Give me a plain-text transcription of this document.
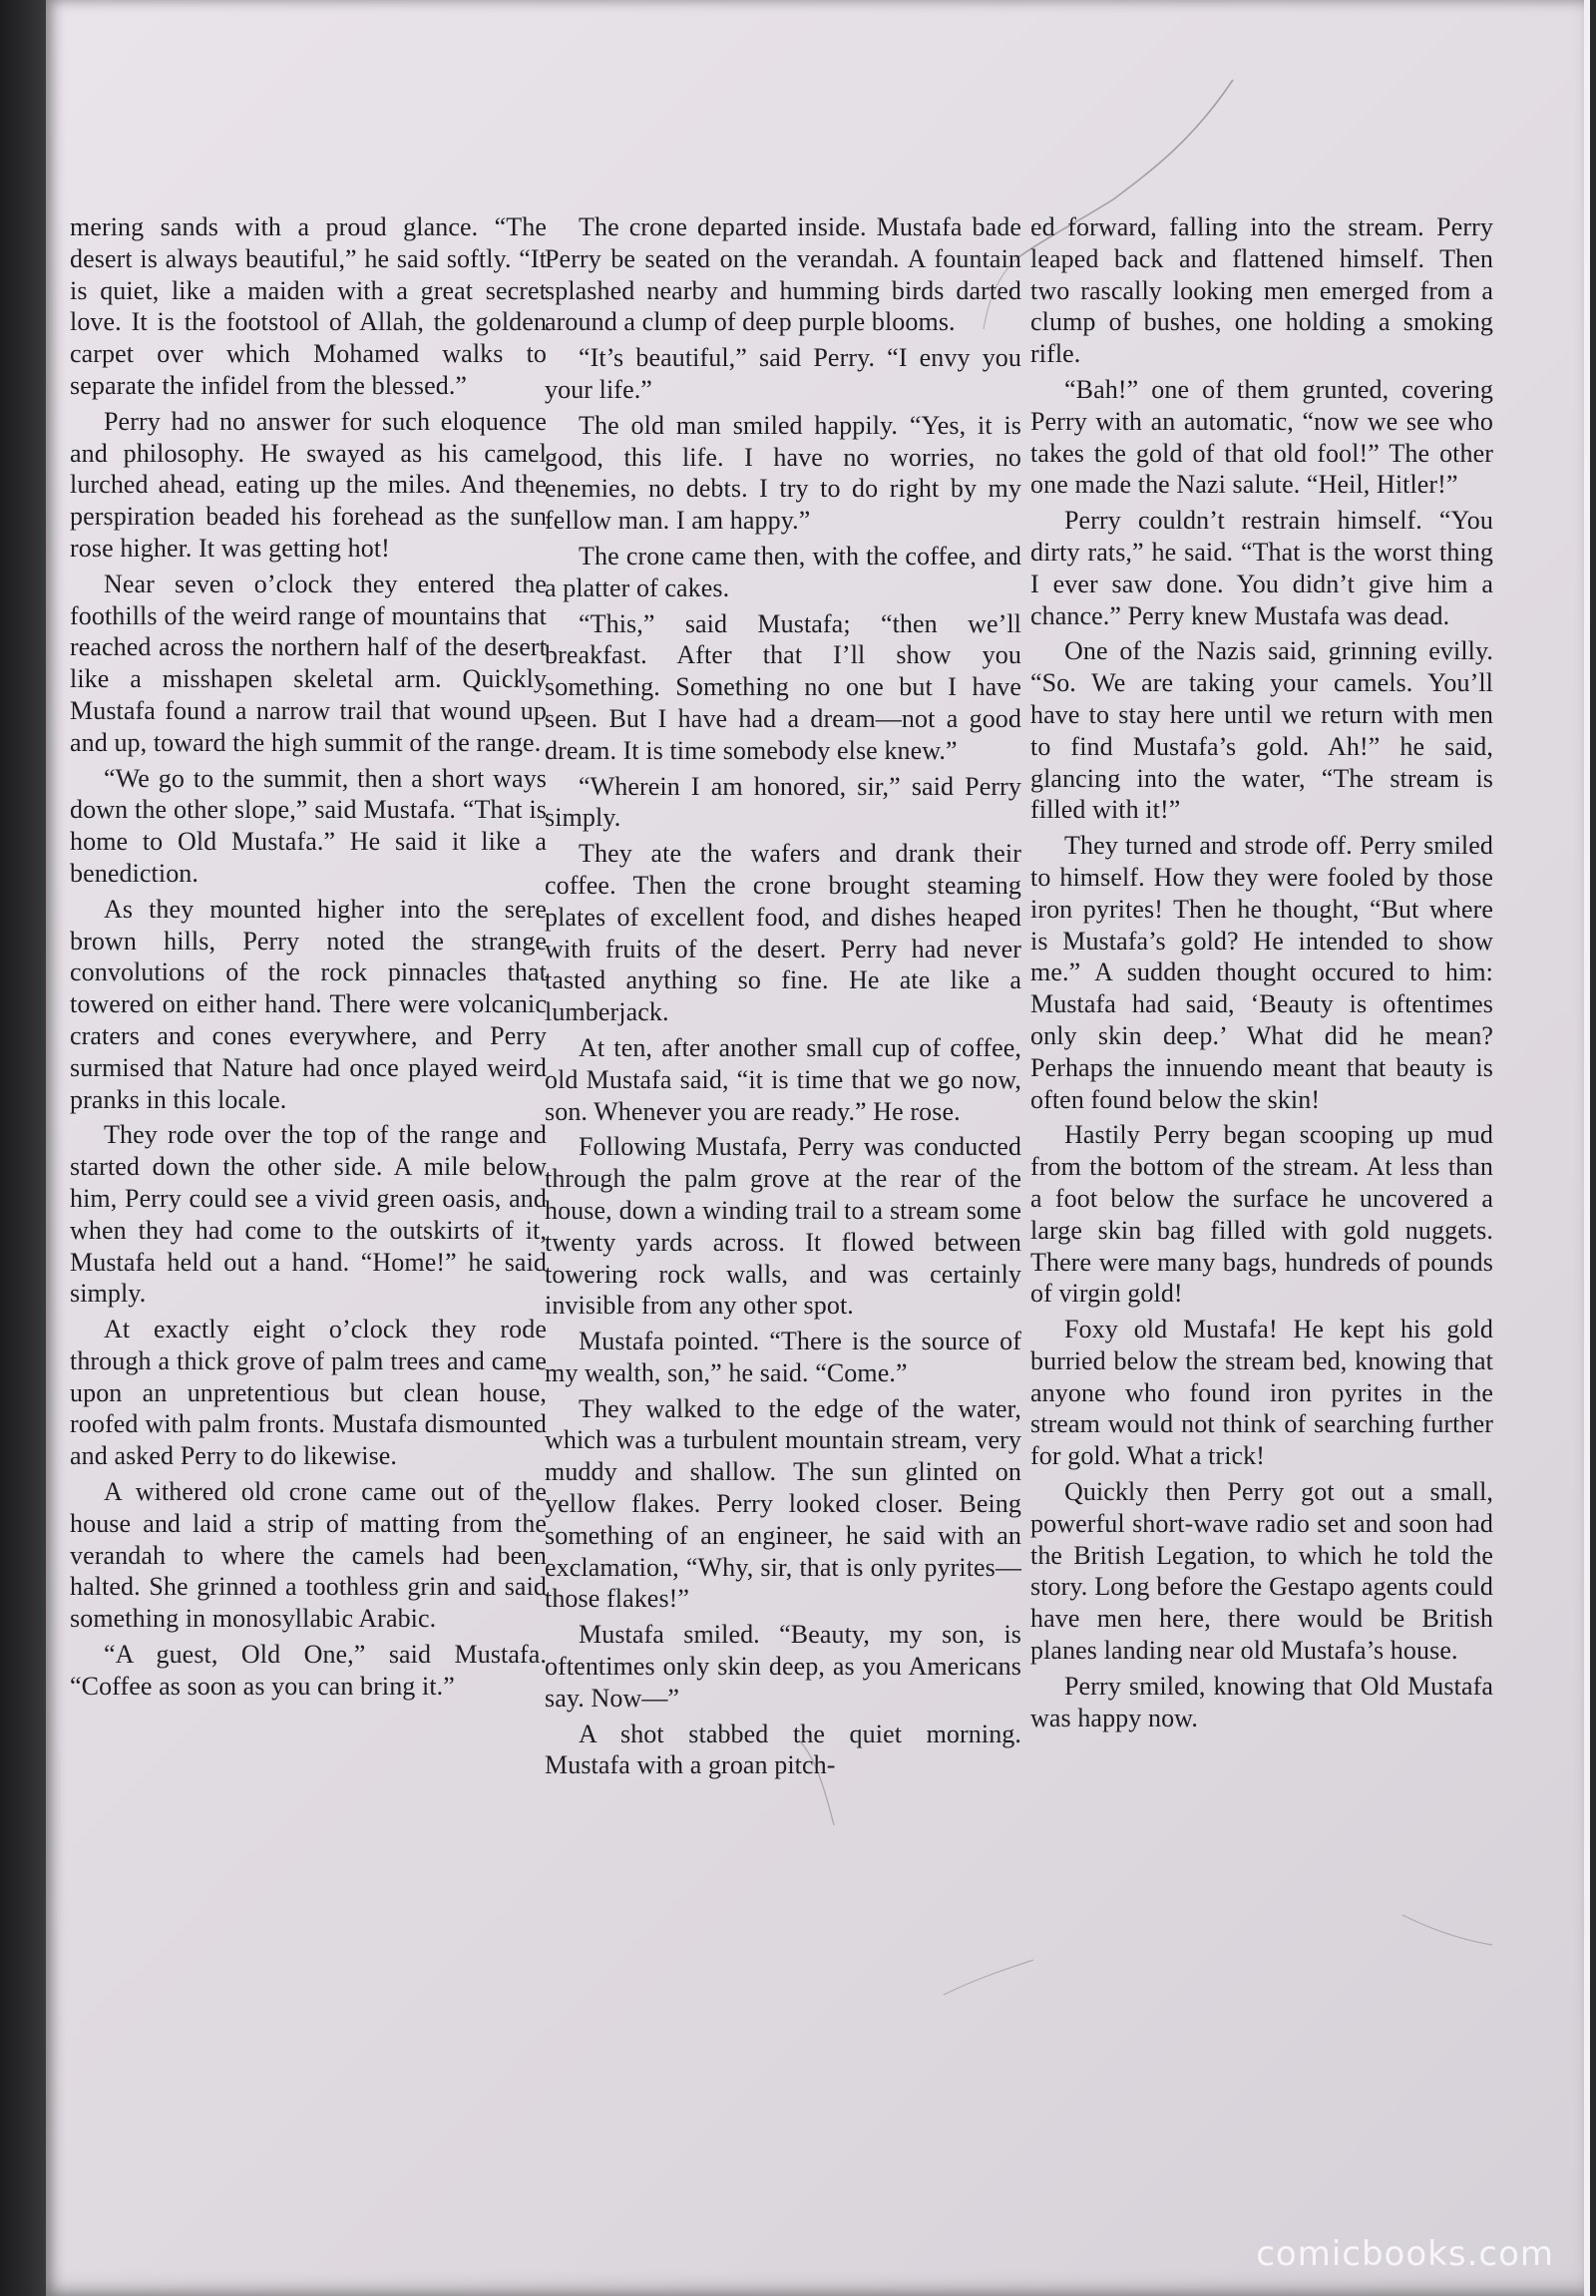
mering sands with a proud glance. “The desert is always beautiful,” he said softly. “It is quiet, like a maiden with a great secret love. It is the footstool of Allah, the golden carpet over which Mohamed walks to separate the infidel from the blessed.”

Perry had no answer for such eloquence and philosophy. He swayed as his camel lurched ahead, eating up the miles. And the perspiration beaded his forehead as the sun rose higher. It was getting hot!

Near seven o’clock they entered the foothills of the weird range of mountains that reached across the northern half of the desert like a misshapen skeletal arm. Quickly Mustafa found a narrow trail that wound up and up, toward the high summit of the range.

“We go to the summit, then a short ways down the other slope,” said Mustafa. “That is home to Old Mustafa.” He said it like a benediction.

As they mounted higher into the sere brown hills, Perry noted the strange convolutions of the rock pinnacles that towered on either hand. There were volcanic craters and cones everywhere, and Perry surmised that Nature had once played weird pranks in this locale.

They rode over the top of the range and started down the other side. A mile below him, Perry could see a vivid green oasis, and when they had come to the outskirts of it, Mustafa held out a hand. “Home!” he said simply.

At exactly eight o’clock they rode through a thick grove of palm trees and came upon an unpretentious but clean house, roofed with palm fronts. Mustafa dismounted and asked Perry to do likewise.

A withered old crone came out of the house and laid a strip of matting from the verandah to where the camels had been halted. She grinned a toothless grin and said something in monosyllabic Arabic.

“A guest, Old One,” said Mustafa. “Coffee as soon as you can bring it.”

The crone departed inside. Mustafa bade Perry be seated on the verandah. A fountain splashed nearby and humming birds darted around a clump of deep purple blooms.

“It’s beautiful,” said Perry. “I envy you your life.”

The old man smiled happily. “Yes, it is good, this life. I have no worries, no enemies, no debts. I try to do right by my fellow man. I am happy.”

The crone came then, with the coffee, and a platter of cakes.

“This,” said Mustafa; “then we’ll breakfast. After that I’ll show you something. Something no one but I have seen. But I have had a dream—not a good dream. It is time somebody else knew.”

“Wherein I am honored, sir,” said Perry simply.

They ate the wafers and drank their coffee. Then the crone brought steaming plates of excellent food, and dishes heaped with fruits of the desert. Perry had never tasted anything so fine. He ate like a lumberjack.

At ten, after another small cup of coffee, old Mustafa said, “it is time that we go now, son. Whenever you are ready.” He rose.

Following Mustafa, Perry was conducted through the palm grove at the rear of the house, down a winding trail to a stream some twenty yards across. It flowed between towering rock walls, and was certainly invisible from any other spot.

Mustafa pointed. “There is the source of my wealth, son,” he said. “Come.”

They walked to the edge of the water, which was a turbulent mountain stream, very muddy and shallow. The sun glinted on yellow flakes. Perry looked closer. Being something of an engineer, he said with an exclamation, “Why, sir, that is only pyrites—those flakes!”

Mustafa smiled. “Beauty, my son, is oftentimes only skin deep, as you Americans say. Now—”

A shot stabbed the quiet morning. Mustafa with a groan pitch-

ed forward, falling into the stream. Perry leaped back and flattened himself. Then two rascally looking men emerged from a clump of bushes, one holding a smoking rifle.

“Bah!” one of them grunted, covering Perry with an automatic, “now we see who takes the gold of that old fool!” The other one made the Nazi salute. “Heil, Hitler!”

Perry couldn’t restrain himself. “You dirty rats,” he said. “That is the worst thing I ever saw done. You didn’t give him a chance.” Perry knew Mustafa was dead.

One of the Nazis said, grinning evilly. “So. We are taking your camels. You’ll have to stay here until we return with men to find Mustafa’s gold. Ah!” he said, glancing into the water, “The stream is filled with it!”

They turned and strode off. Perry smiled to himself. How they were fooled by those iron pyrites! Then he thought, “But where is Mustafa’s gold? He intended to show me.” A sudden thought occured to him: Mustafa had said, ‘Beauty is oftentimes only skin deep.’ What did he mean? Perhaps the innuendo meant that beauty is often found below the skin!

Hastily Perry began scooping up mud from the bottom of the stream. At less than a foot below the surface he uncovered a large skin bag filled with gold nuggets. There were many bags, hundreds of pounds of virgin gold!

Foxy old Mustafa! He kept his gold burried below the stream bed, knowing that anyone who found iron pyrites in the stream would not think of searching further for gold. What a trick!

Quickly then Perry got out a small, powerful short-wave radio set and soon had the British Legation, to which he told the story. Long before the Gestapo agents could have men here, there would be British planes landing near old Mustafa’s house.

Perry smiled, knowing that Old Mustafa was happy now.

comicbooks.com
